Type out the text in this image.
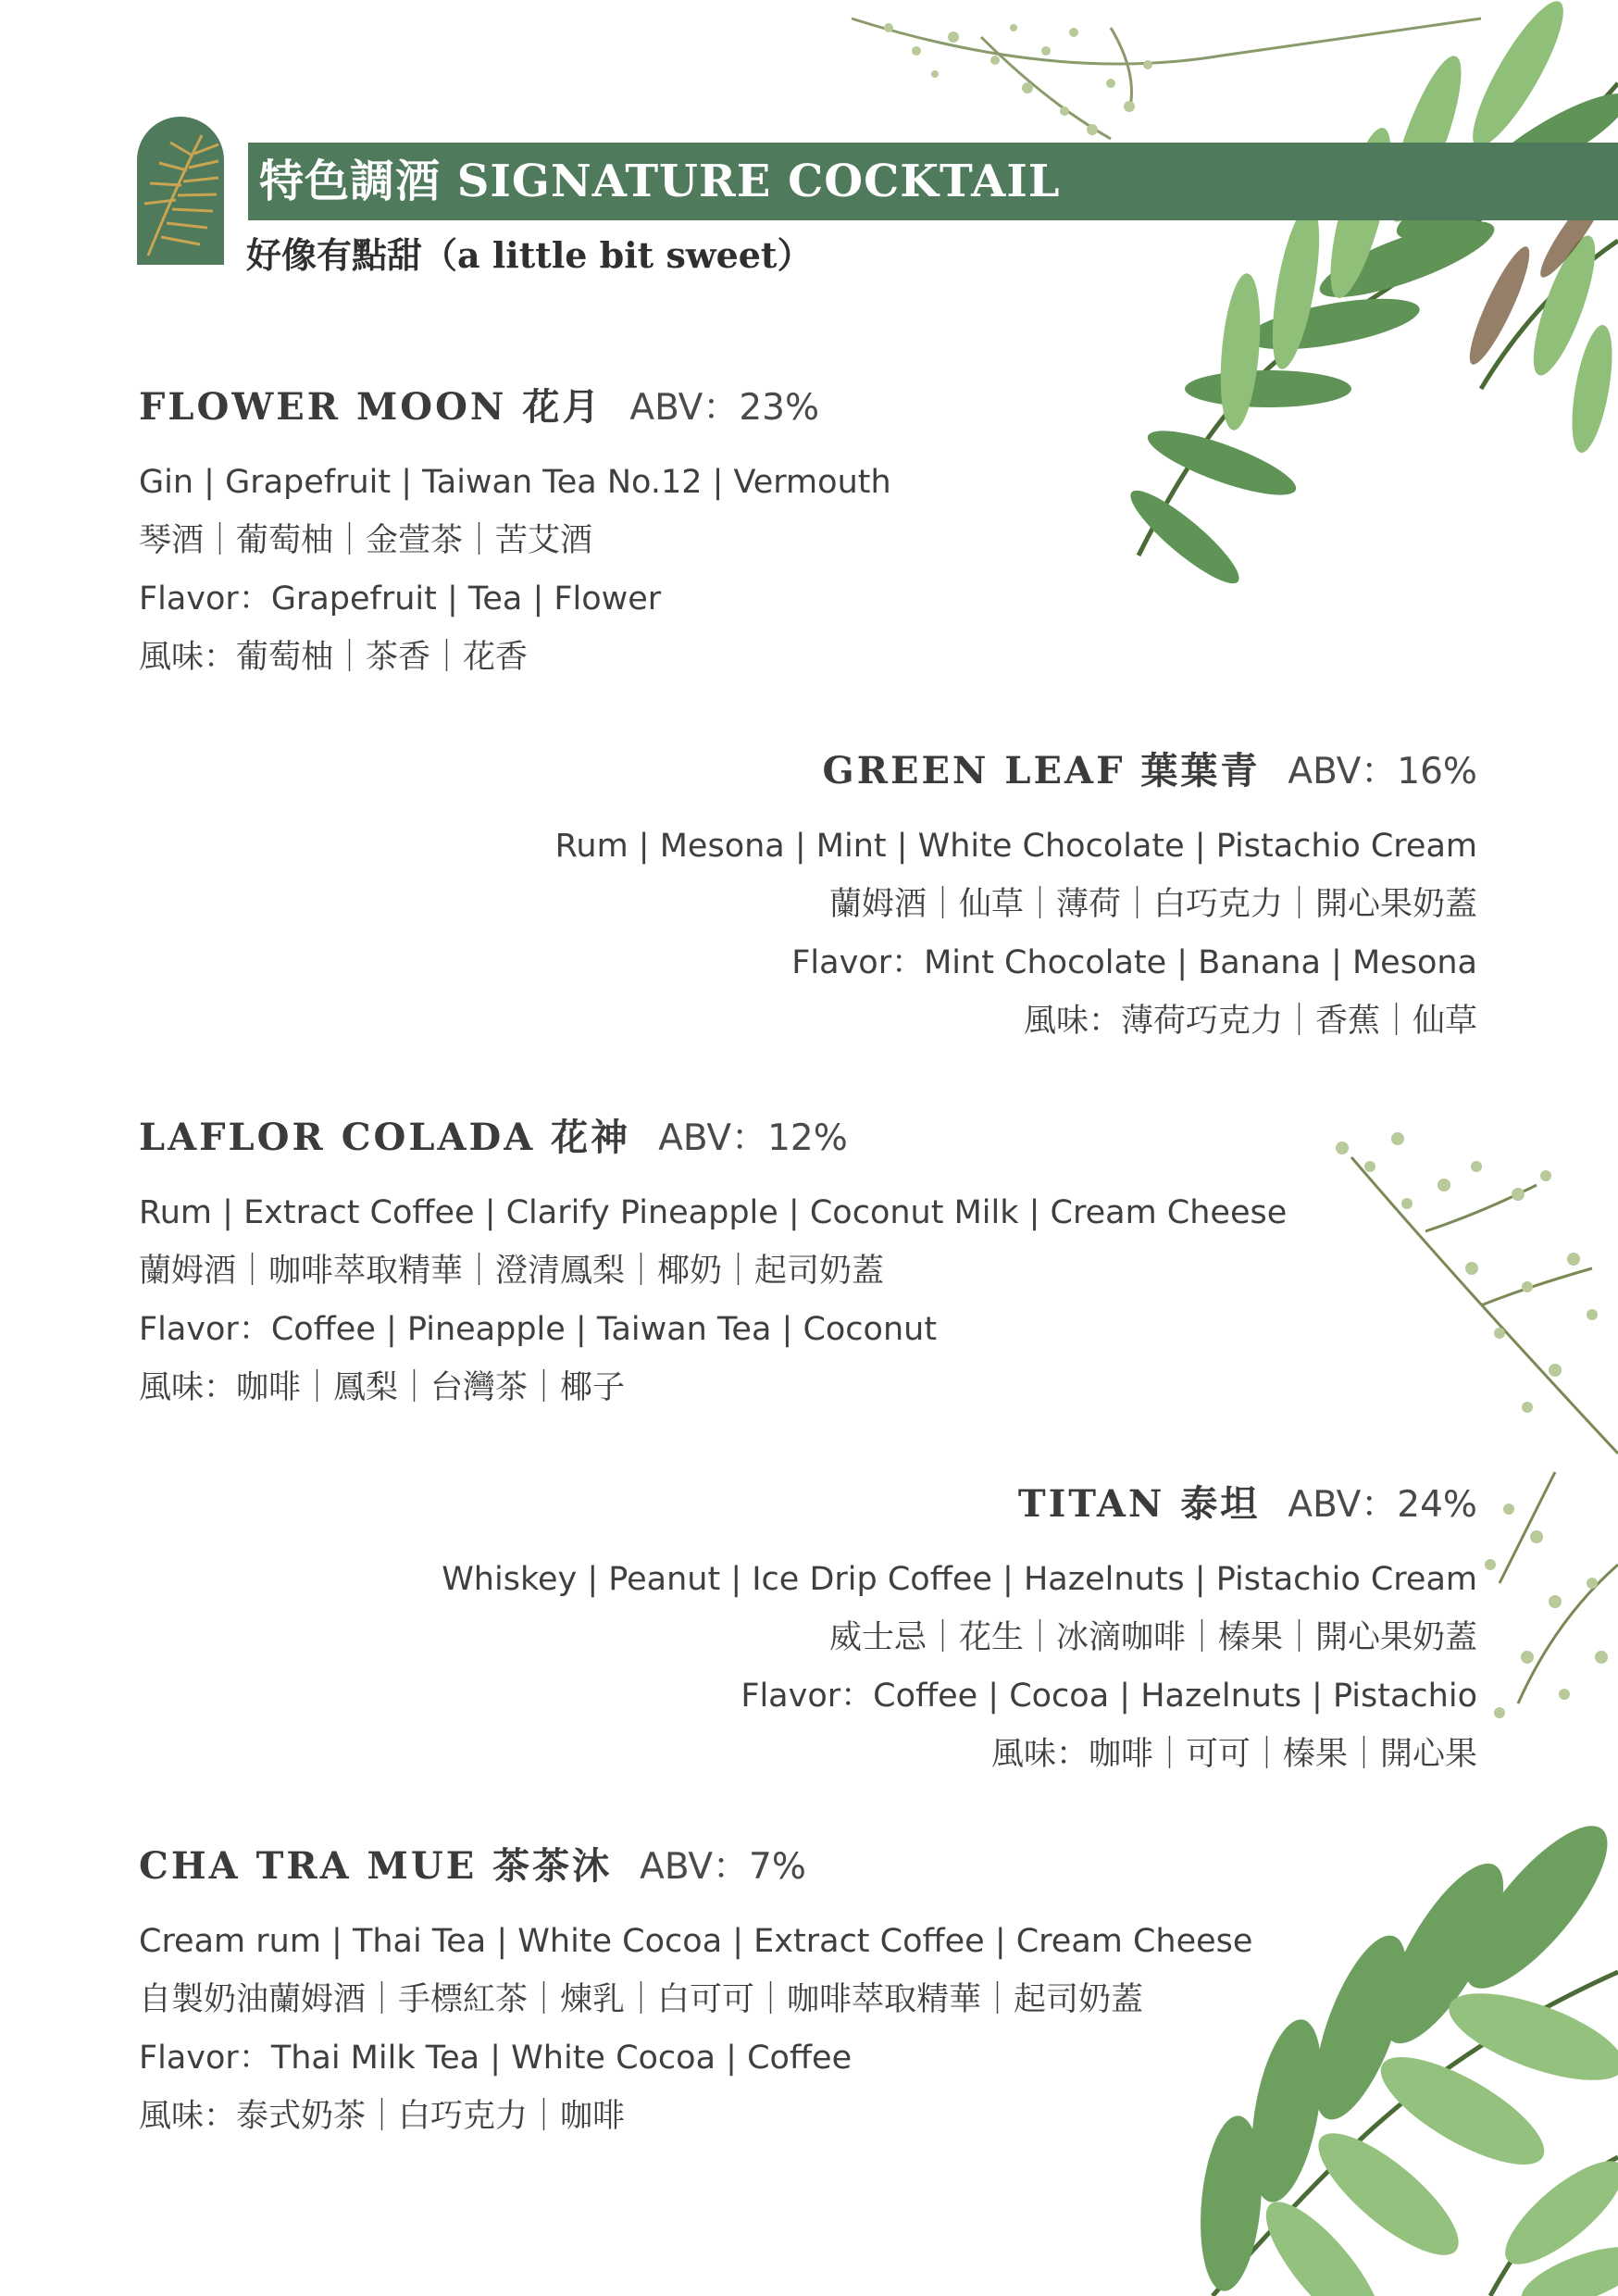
特色調酒 SIGNATURE COCKTAIL
好像有點甜（a little bit sweet）
FLOWER MOON 花月 ABV：23%
Gin | Grapefruit | Taiwan Tea No.12 | Vermouth
琴酒｜葡萄柚｜金萱茶｜苦艾酒
Flavor：Grapefruit | Tea | Flower
風味：葡萄柚｜茶香｜花香
GREEN LEAF 葉葉青 ABV：16%
Rum | Mesona | Mint | White Chocolate | Pistachio Cream
蘭姆酒｜仙草｜薄荷｜白巧克力｜開心果奶蓋
Flavor：Mint Chocolate | Banana | Mesona
風味：薄荷巧克力｜香蕉｜仙草
LAFLOR COLADA 花神 ABV：12%
Rum | Extract Coffee | Clarify Pineapple | Coconut Milk | Cream Cheese
蘭姆酒｜咖啡萃取精華｜澄清鳳梨｜椰奶｜起司奶蓋
Flavor：Coffee | Pineapple | Taiwan Tea | Coconut
風味：咖啡｜鳳梨｜台灣茶｜椰子
TITAN 泰坦 ABV：24%
Whiskey | Peanut | Ice Drip Coffee | Hazelnuts | Pistachio Cream
威士忌｜花生｜冰滴咖啡｜榛果｜開心果奶蓋
Flavor：Coffee | Cocoa | Hazelnuts | Pistachio
風味：咖啡｜可可｜榛果｜開心果
CHA TRA MUE 茶茶沐 ABV：7%
Cream rum | Thai Tea | White Cocoa | Extract Coffee | Cream Cheese
自製奶油蘭姆酒｜手標紅茶｜煉乳｜白可可｜咖啡萃取精華｜起司奶蓋
Flavor：Thai Milk Tea | White Cocoa | Coffee
風味：泰式奶茶｜白巧克力｜咖啡
